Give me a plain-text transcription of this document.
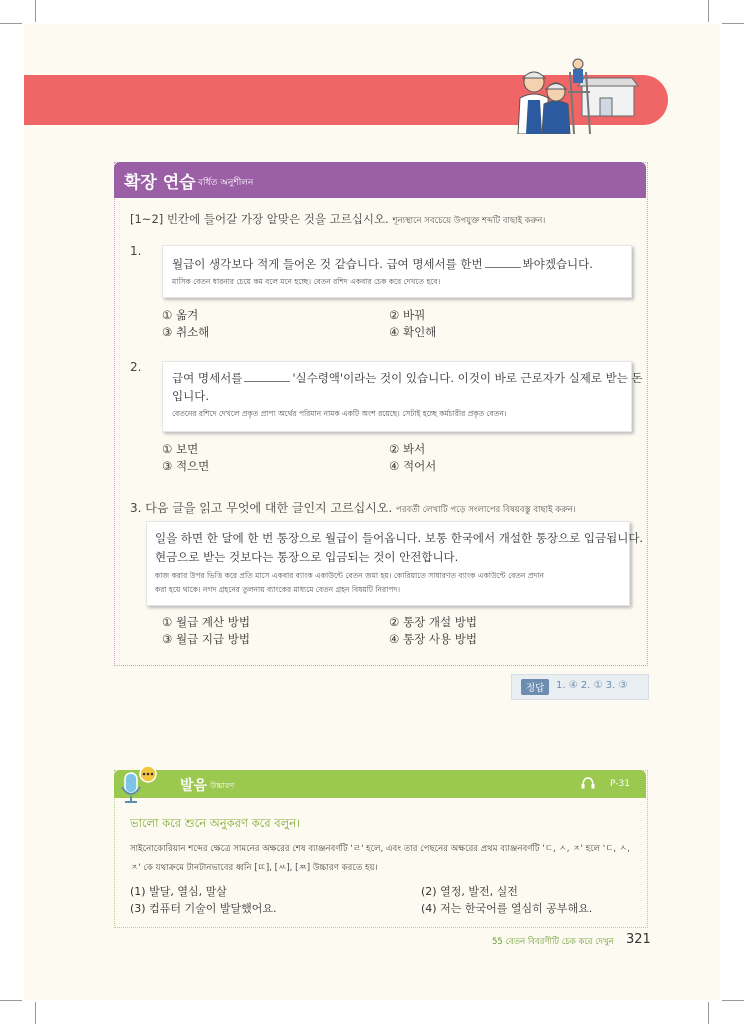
확장 연습 বর্ধিত অনুশীলন
[1~2] 빈칸에 들어갈 가장 알맞은 것을 고르십시오. শূন্যস্থানে সবচেয়ে উপযুক্ত শব্দটি বাছাই করুন।
1.
월급이 생각보다 적게 들어온 것 같습니다. 급여 명세서를 한번	봐야겠습니다.
মাসিক বেতন ধারনার চেয়ে কম বলে মনে হচ্ছে। বেতন রশিদ একবার চেক করে দেখতে হবে।
① 옮겨	② 바꿔
③ 취소해	④ 확인해
2.
급여 명세서를	'실수령액'이라는 것이 있습니다. 이것이 바로 근로자가 실제로 받는 돈
입니다.
বেতনের রশিদে দেখলে প্রকৃত প্রাপ্য অর্থের পরিমান নামক একটি অংশ রয়েছে। সেটাই হচ্ছে কর্মচারীর প্রকৃত বেতন।
① 보면	② 봐서
③ 적으면	④ 적어서
3. 다음 글을 읽고 무엇에 대한 글인지 고르십시오. পরবর্তী লেখাটি পড়ে সংলাপের বিষয়বস্তু বাছাই করুন।
일을 하면 한 달에 한 번 통장으로 월급이 들어옵니다. 보통 한국에서 개설한 통장으로 입금됩니다.
현금으로 받는 것보다는 통장으로 입금되는 것이 안전합니다.
কাজ করার উপর ভিত্তি করে প্রতি মাসে একবার ব্যাংক একাউন্টে বেতন জমা হয়। কোরিয়াতে সাধারণত ব্যাংক একাউন্টে বেতন প্রদান
করা হয়ে থাকে। নগদ গ্রহনের তুলনায় ব্যাংকের মাধ্যমে বেতন গ্রহন বিষয়টি নিরাপদ।
① 월급 계산 방법	② 통장 개설 방법
③ 월급 지급 방법	④ 통장 사용 방법
정답	1. ④ 2. ① 3. ③
발음 উচ্চারণ	P-31
ভালো করে শুনে অনুকরণ করে বলুন।
সাইনোকোরিয়ান শব্দের ক্ষেত্রে সামনের অক্ষরের শেষ ব্যাঞ্জনবর্ণটি 'ㄹ' হলে, এবং তার পেছনের অক্ষরের প্রথম ব্যাঞ্জনবর্ণটি 'ㄷ, ㅅ, ㅈ' হলে 'ㄷ, ㅅ, ㅈ' কে যথাক্রমে টানটানভাবের ধ্বনি [ㄸ], [ㅆ], [ㅉ] উচ্চারণ করতে হয়।
(1) 발달, 열심, 말살	(2) 열정, 발전, 실전
(3) 컴퓨터 기술이 발달했어요.	(4) 저는 한국어를 열심히 공부해요.
55 বেতন বিবরণীটি চেক করে দেখুন 321
